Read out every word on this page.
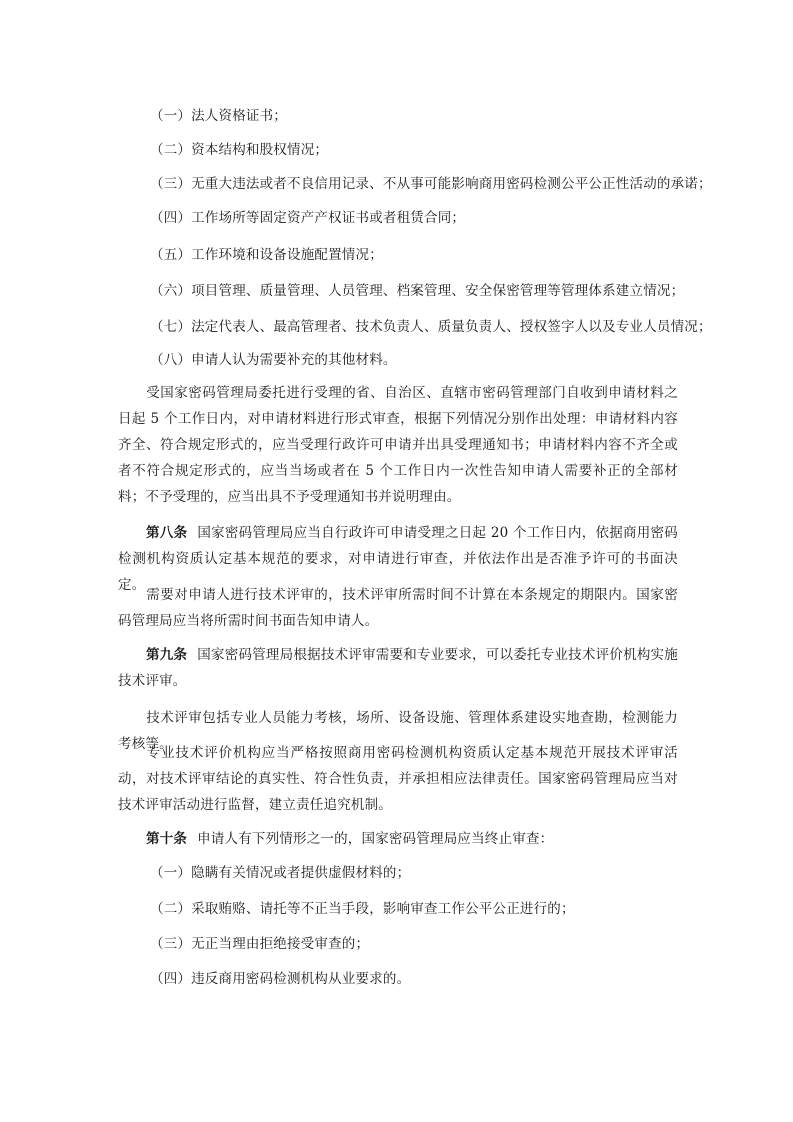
（一）法人资格证书；
（二）资本结构和股权情况；
（三）无重大违法或者不良信用记录、不从事可能影响商用密码检测公平公正性活动的承诺；
（四）工作场所等固定资产产权证书或者租赁合同；
（五）工作环境和设备设施配置情况；
（六）项目管理、质量管理、人员管理、档案管理、安全保密管理等管理体系建立情况；
（七）法定代表人、最高管理者、技术负责人、质量负责人、授权签字人以及专业人员情况；
（八）申请人认为需要补充的其他材料。
受国家密码管理局委托进行受理的省、自治区、直辖市密码管理部门自收到申请材料之日起 5 个工作日内，对申请材料进行形式审查，根据下列情况分别作出处理：申请材料内容齐全、符合规定形式的，应当受理行政许可申请并出具受理通知书；申请材料内容不齐全或者不符合规定形式的，应当当场或者在 5 个工作日内一次性告知申请人需要补正的全部材料；不予受理的，应当出具不予受理通知书并说明理由。
第八条 国家密码管理局应当自行政许可申请受理之日起 20 个工作日内，依据商用密码检测机构资质认定基本规范的要求，对申请进行审查，并依法作出是否准予许可的书面决定。
需要对申请人进行技术评审的，技术评审所需时间不计算在本条规定的期限内。国家密码管理局应当将所需时间书面告知申请人。
第九条 国家密码管理局根据技术评审需要和专业要求，可以委托专业技术评价机构实施技术评审。
技术评审包括专业人员能力考核，场所、设备设施、管理体系建设实地查勘，检测能力考核等。
专业技术评价机构应当严格按照商用密码检测机构资质认定基本规范开展技术评审活动，对技术评审结论的真实性、符合性负责，并承担相应法律责任。国家密码管理局应当对技术评审活动进行监督，建立责任追究机制。
第十条 申请人有下列情形之一的，国家密码管理局应当终止审查：
（一）隐瞒有关情况或者提供虚假材料的；
（二）采取贿赂、请托等不正当手段，影响审查工作公平公正进行的；
（三）无正当理由拒绝接受审查的；
（四）违反商用密码检测机构从业要求的。
